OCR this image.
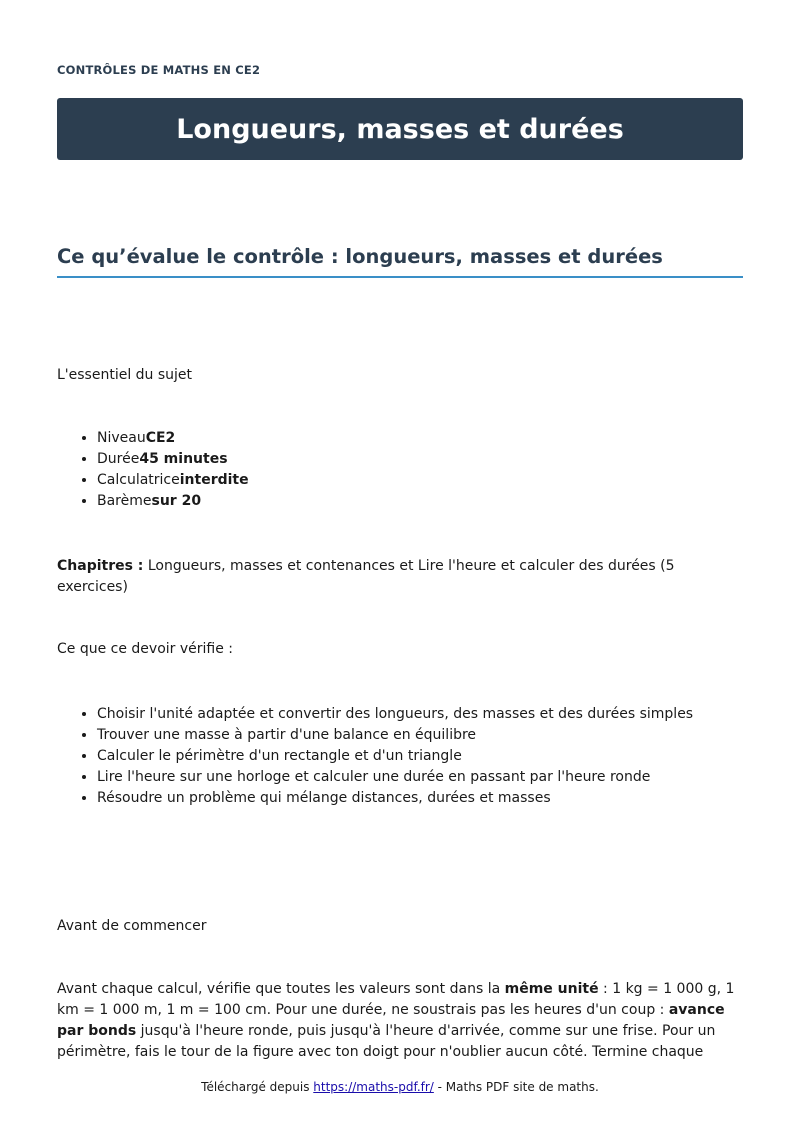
CONTRÔLES DE MATHS EN CE2
Longueurs, masses et durées
Ce qu’évalue le contrôle : longueurs, masses et durées

L'essentiel du sujet

• NiveauCE2
• Durée45 minutes
• Calculatriceinterdite
• Barèmesur 20

Chapitres : Longueurs, masses et contenances et Lire l'heure et calculer des durées (5 exercices)

Ce que ce devoir vérifie :

• Choisir l'unité adaptée et convertir des longueurs, des masses et des durées simples
• Trouver une masse à partir d'une balance en équilibre
• Calculer le périmètre d'un rectangle et d'un triangle
• Lire l'heure sur une horloge et calculer une durée en passant par l'heure ronde
• Résoudre un problème qui mélange distances, durées et masses

Avant de commencer

Avant chaque calcul, vérifie que toutes les valeurs sont dans la même unité : 1 kg = 1 000 g, 1 km = 1 000 m, 1 m = 100 cm. Pour une durée, ne soustrais pas les heures d'un coup : avance par bonds jusqu'à l'heure ronde, puis jusqu'à l'heure d'arrivée, comme sur une frise. Pour un périmètre, fais le tour de la figure avec ton doigt pour n'oublier aucun côté. Termine chaque

Téléchargé depuis https://maths-pdf.fr/ - Maths PDF site de maths.
